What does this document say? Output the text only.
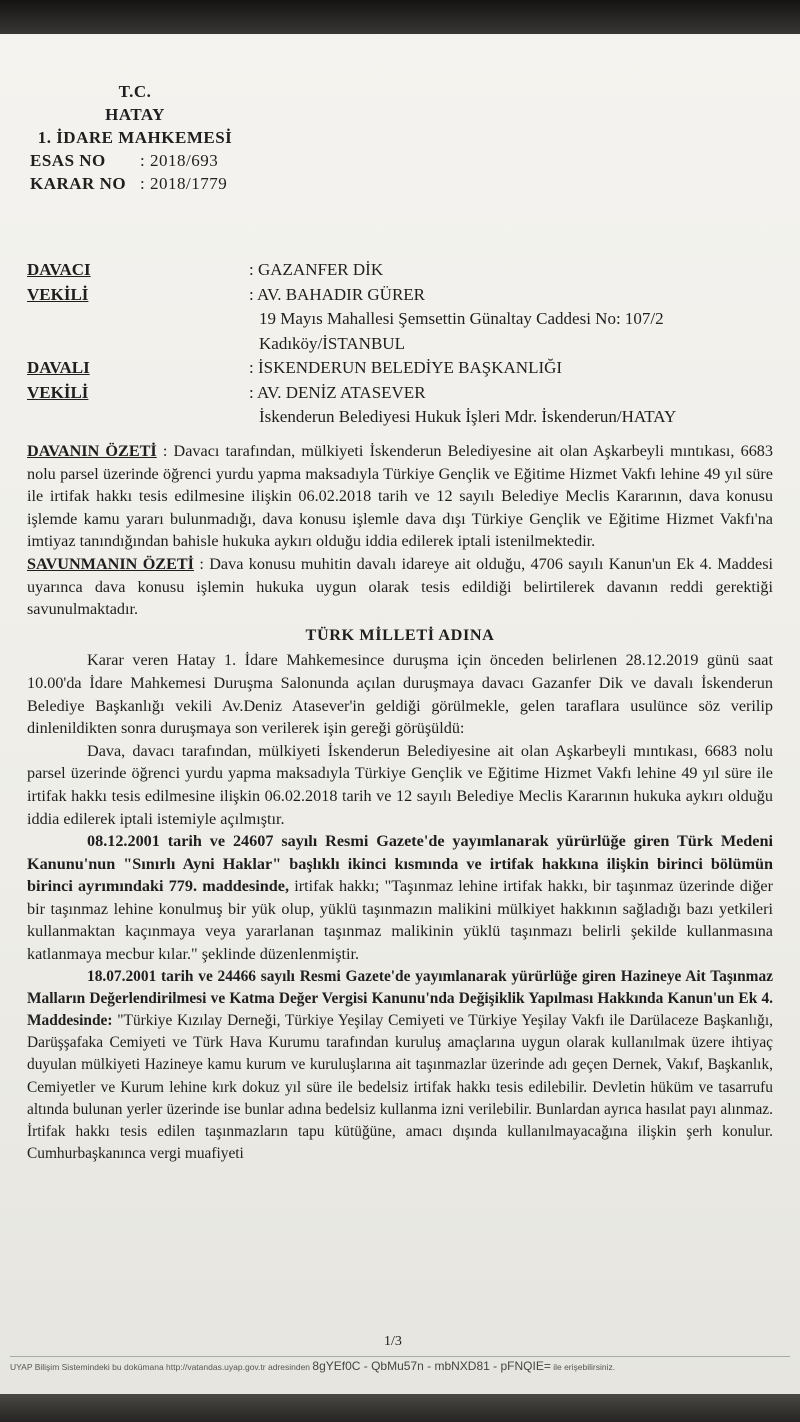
T.C.
HATAY
1. İDARE MAHKEMESİ
ESAS NO	: 2018/693
KARAR NO : 2018/1779
DAVACI	: GAZANFER DİK
VEKİLİ	: AV. BAHADIR GÜRER
19 Mayıs Mahallesi Şemsettin Günaltay Caddesi No: 107/2
Kadıköy/İSTANBUL
DAVALI	: İSKENDERUN BELEDİYE BAŞKANLIĞI
VEKİLİ	: AV. DENİZ ATASEVER
İskenderun Belediyesi Hukuk İşleri Mdr. İskenderun/HATAY

DAVANIN ÖZETİ : Davacı tarafından, mülkiyeti İskenderun Belediyesine ait olan Aşkarbeyli mıntıkası, 6683 nolu parsel üzerinde öğrenci yurdu yapma maksadıyla Türkiye Gençlik ve Eğitime Hizmet Vakfı lehine 49 yıl süre ile irtifak hakkı tesis edilmesine ilişkin 06.02.2018 tarih ve 12 sayılı Belediye Meclis Kararının, dava konusu işlemde kamu yararı bulunmadığı, dava konusu işlemle dava dışı Türkiye Gençlik ve Eğitime Hizmet Vakfı'na imtiyaz tanındığından bahisle hukuka aykırı olduğu iddia edilerek iptali istenilmektedir.

SAVUNMANIN ÖZETİ : Dava konusu muhitin davalı idareye ait olduğu, 4706 sayılı Kanun'un Ek 4. Maddesi uyarınca dava konusu işlemin hukuka uygun olarak tesis edildiği belirtilerek davanın reddi gerektiği savunulmaktadır.

TÜRK MİLLETİ ADINA

Karar veren Hatay 1. İdare Mahkemesince duruşma için önceden belirlenen 28.12.2019 günü saat 10.00'da İdare Mahkemesi Duruşma Salonunda açılan duruşmaya davacı Gazanfer Dik ve davalı İskenderun Belediye Başkanlığı vekili Av.Deniz Atasever'in geldiği görülmekle, gelen taraflara usulünce söz verilip dinlenildikten sonra duruşmaya son verilerek işin gereği görüşüldü:

Dava, davacı tarafından, mülkiyeti İskenderun Belediyesine ait olan Aşkarbeyli mıntıkası, 6683 nolu parsel üzerinde öğrenci yurdu yapma maksadıyla Türkiye Gençlik ve Eğitime Hizmet Vakfı lehine 49 yıl süre ile irtifak hakkı tesis edilmesine ilişkin 06.02.2018 tarih ve 12 sayılı Belediye Meclis Kararının hukuka aykırı olduğu iddia edilerek iptali istemiyle açılmıştır.

08.12.2001 tarih ve 24607 sayılı Resmi Gazete'de yayımlanarak yürürlüğe giren Türk Medeni Kanunu'nun "Sınırlı Ayni Haklar" başlıklı ikinci kısmında ve irtifak hakkına ilişkin birinci bölümün birinci ayrımındaki 779. maddesinde, irtifak hakkı; "Taşınmaz lehine irtifak hakkı, bir taşınmaz üzerinde diğer bir taşınmaz lehine konulmuş bir yük olup, yüklü taşınmazın malikini mülkiyet hakkının sağladığı bazı yetkileri kullanmaktan kaçınmaya veya yararlanan taşınmaz malikinin yüklü taşınmazı belirli şekilde kullanmasına katlanmaya mecbur kılar." şeklinde düzenlenmiştir.

18.07.2001 tarih ve 24466 sayılı Resmi Gazete'de yayımlanarak yürürlüğe giren Hazineye Ait Taşınmaz Malların Değerlendirilmesi ve Katma Değer Vergisi Kanunu'nda Değişiklik Yapılması Hakkında Kanun'un Ek 4. Maddesinde: "Türkiye Kızılay Derneği, Türkiye Yeşilay Cemiyeti ve Türkiye Yeşilay Vakfı ile Darülaceze Başkanlığı, Darüşşafaka Cemiyeti ve Türk Hava Kurumu tarafından kuruluş amaçlarına uygun olarak kullanılmak üzere ihtiyaç duyulan mülkiyeti Hazineye kamu kurum ve kuruluşlarına ait taşınmazlar üzerinde adı geçen Dernek, Vakıf, Başkanlık, Cemiyetler ve Kurum lehine kırk dokuz yıl süre ile bedelsiz irtifak hakkı tesis edilebilir. Devletin hüküm ve tasarrufu altında bulunan yerler üzerinde ise bunlar adına bedelsiz kullanma izni verilebilir. Bunlardan ayrıca hasılat payı alınmaz. İrtifak hakkı tesis edilen taşınmazların tapu kütüğüne, amacı dışında kullanılmayacağına ilişkin şerh konulur. Cumhurbaşkanınca vergi muafiyeti

1/3
UYAP Bilişim Sistemindeki bu dokümana http://vatandas.uyap.gov.tr adresinden 8gYEf0C - QbMu57n - mbNXD81 - pFNQIE= ile erişebilirsiniz.
